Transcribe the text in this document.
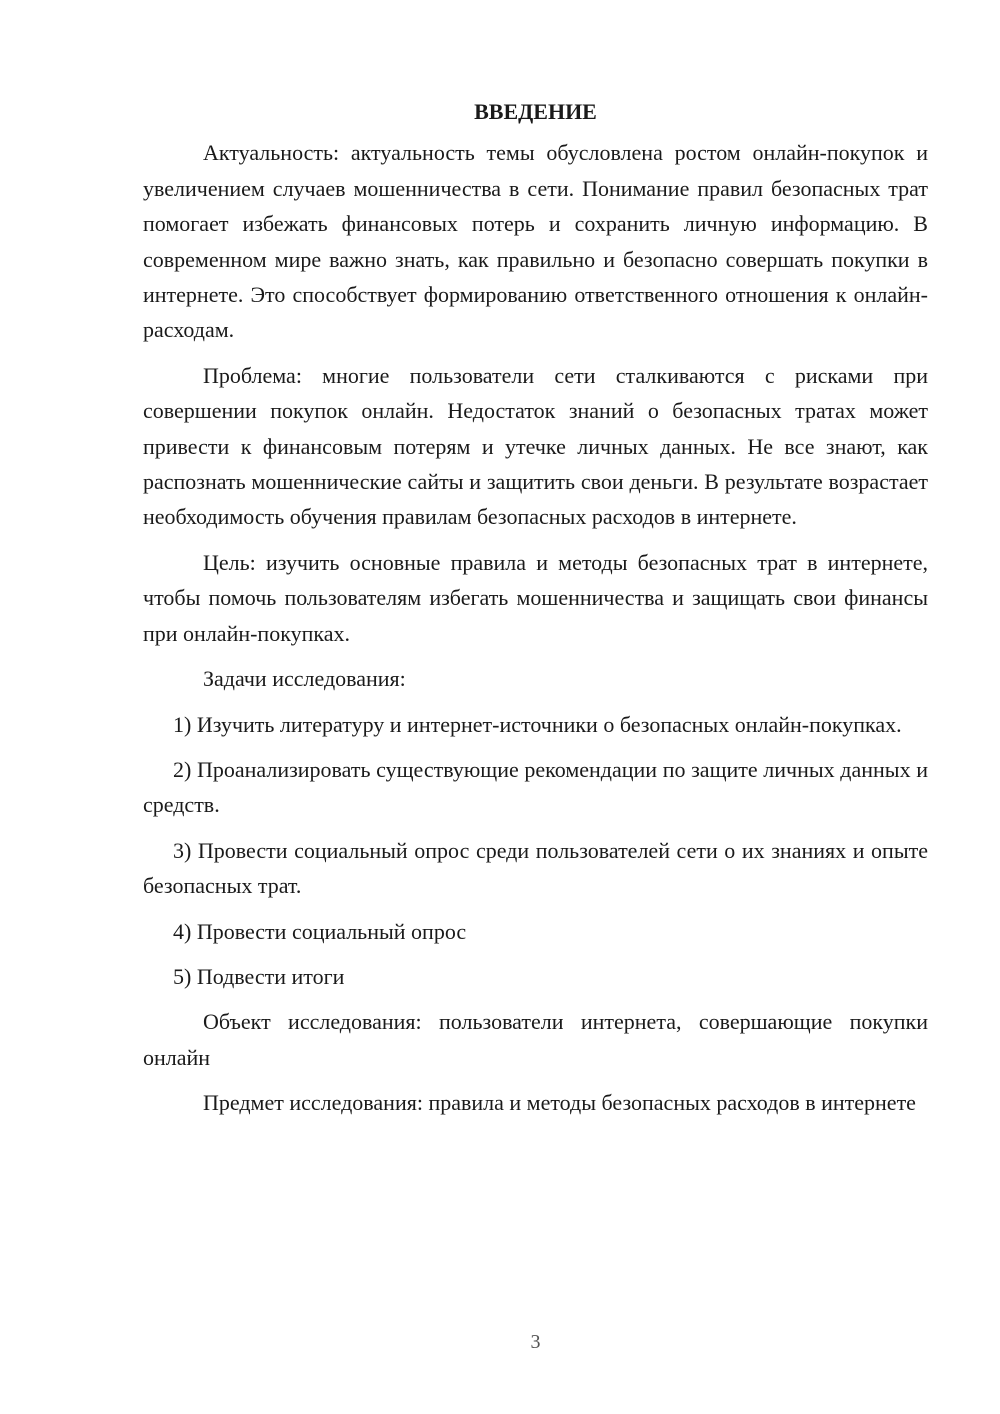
ВВЕДЕНИЕ

Актуальность: актуальность темы обусловлена ростом онлайн-покупок и увеличением случаев мошенничества в сети. Понимание правил безопасных трат помогает избежать финансовых потерь и сохранить личную информацию. В современном мире важно знать, как правильно и безопасно совершать покупки в интернете. Это способствует формированию ответственного отношения к онлайн-расходам.

Проблема: многие пользователи сети сталкиваются с рисками при совершении покупок онлайн. Недостаток знаний о безопасных тратах может привести к финансовым потерям и утечке личных данных. Не все знают, как распознать мошеннические сайты и защитить свои деньги. В результате возрастает необходимость обучения правилам безопасных расходов в интернете.

Цель: изучить основные правила и методы безопасных трат в интернете, чтобы помочь пользователям избегать мошенничества и защищать свои финансы при онлайн-покупках.

Задачи исследования:

1) Изучить литературу и интернет-источники о безопасных онлайн-покупках.

2) Проанализировать существующие рекомендации по защите личных данных и средств.

3) Провести социальный опрос среди пользователей сети о их знаниях и опыте безопасных трат.

4) Провести социальный опрос

5) Подвести итоги

Объект исследования: пользователи интернета, совершающие покупки онлайн

Предмет исследования: правила и методы безопасных расходов в интернете

3
